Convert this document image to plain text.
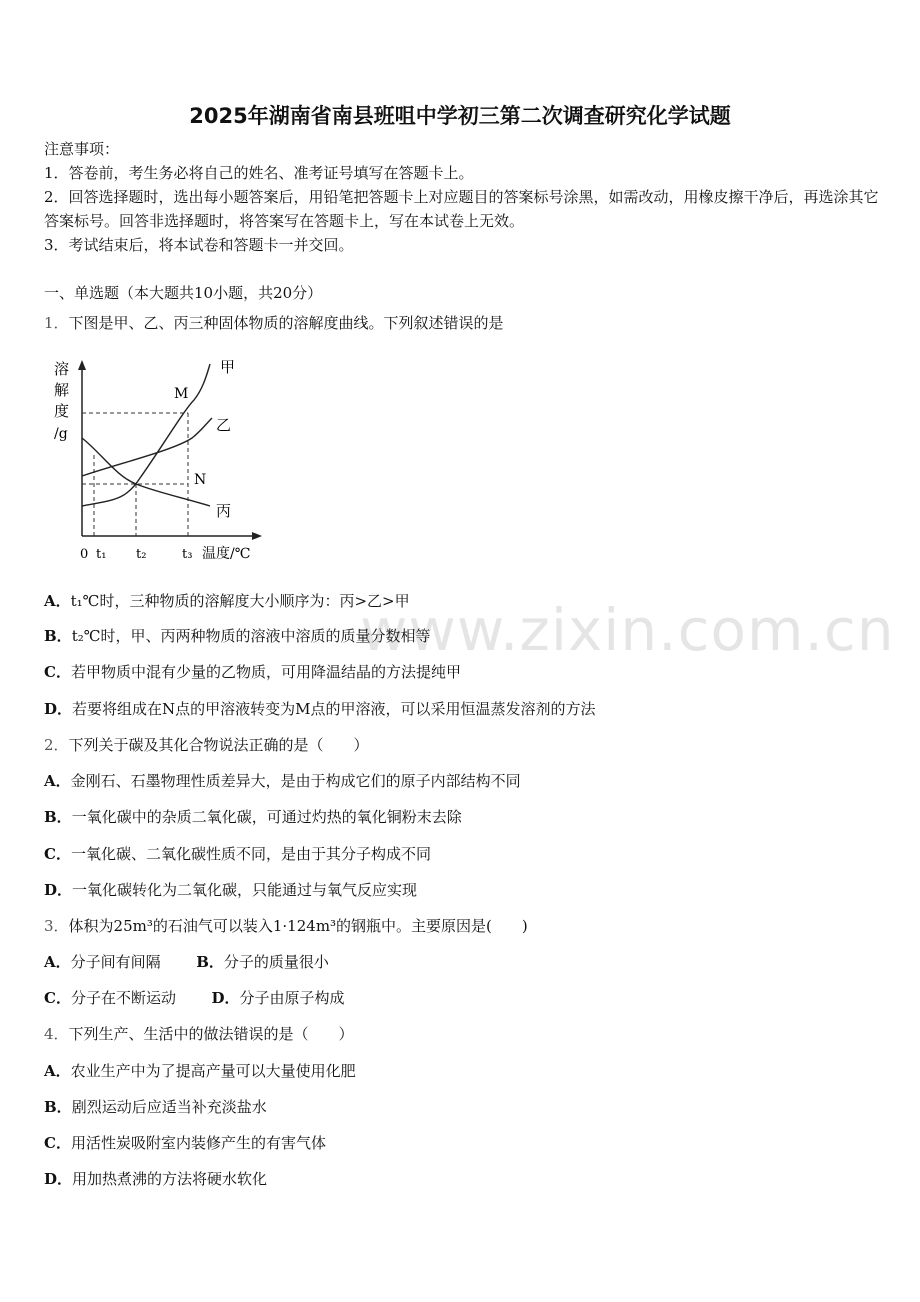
2025年湖南省南县班咀中学初三第二次调查研究化学试题
注意事项：
1．答卷前，考生务必将自己的姓名、准考证号填写在答题卡上。
2．回答选择题时，选出每小题答案后，用铅笔把答题卡上对应题目的答案标号涂黑，如需改动，用橡皮擦干净后，再选涂其它答案标号。回答非选择题时，将答案写在答题卡上，写在本试卷上无效。
3．考试结束后，将本试卷和答题卡一并交回。
一、单选题（本大题共10小题，共20分）
1．下图是甲、乙、丙三种固体物质的溶解度曲线。下列叙述错误的是
溶
解
度
/g
甲
乙
丙
M
N
0 t₁ t₂	t₃ 温度/℃
A．t₁℃时，三种物质的溶解度大小顺序为：丙>乙>甲
B．t₂℃时，甲、丙两种物质的溶液中溶质的质量分数相等
C．若甲物质中混有少量的乙物质，可用降温结晶的方法提纯甲
D．若要将组成在N点的甲溶液转变为M点的甲溶液，可以采用恒温蒸发溶剂的方法
2．下列关于碳及其化合物说法正确的是（　　）
A．金刚石、石墨物理性质差异大，是由于构成它们的原子内部结构不同
B．一氧化碳中的杂质二氧化碳，可通过灼热的氧化铜粉末去除
C．一氧化碳、二氧化碳性质不同，是由于其分子构成不同
D．一氧化碳转化为二氧化碳，只能通过与氧气反应实现
3．体积为25m³的石油气可以装入1·124m³的钢瓶中。主要原因是(　　)
A．分子间有间隔 B．分子的质量很小
C．分子在不断运动 D．分子由原子构成
4．下列生产、生活中的做法错误的是（　　）
A．农业生产中为了提高产量可以大量使用化肥
B．剧烈运动后应适当补充淡盐水
C．用活性炭吸附室内装修产生的有害气体
D．用加热煮沸的方法将硬水软化
www.zixin.com.cn
